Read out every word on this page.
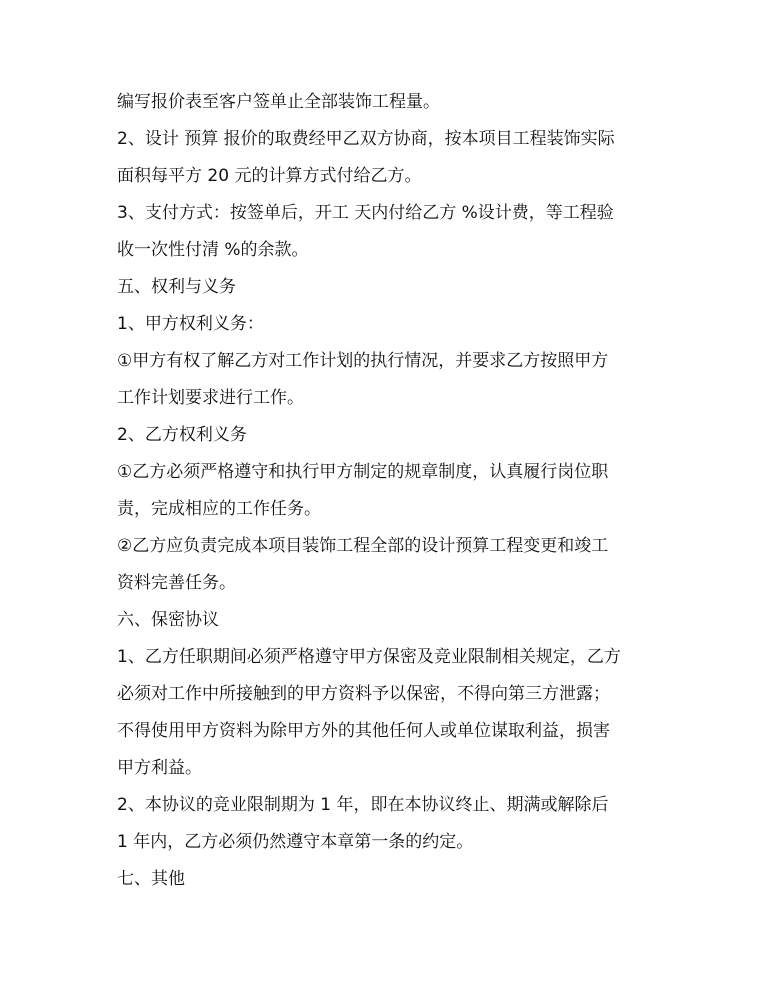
编写报价表至客户签单止全部装饰工程量。
2、设计 预算 报价的取费经甲乙双方协商，按本项目工程装饰实际
面积每平方 20 元的计算方式付给乙方。
3、支付方式：按签单后，开工 天内付给乙方 %设计费，等工程验
收一次性付清 %的余款。
五、权利与义务
1、甲方权利义务：
①甲方有权了解乙方对工作计划的执行情况，并要求乙方按照甲方
工作计划要求进行工作。
2、乙方权利义务
①乙方必须严格遵守和执行甲方制定的规章制度，认真履行岗位职
责，完成相应的工作任务。
②乙方应负责完成本项目装饰工程全部的设计预算工程变更和竣工
资料完善任务。
六、保密协议
1、乙方任职期间必须严格遵守甲方保密及竞业限制相关规定，乙方
必须对工作中所接触到的甲方资料予以保密，不得向第三方泄露；
不得使用甲方资料为除甲方外的其他任何人或单位谋取利益，损害
甲方利益。
2、本协议的竞业限制期为 1 年，即在本协议终止、期满或解除后
1 年内，乙方必须仍然遵守本章第一条的约定。
七、其他
